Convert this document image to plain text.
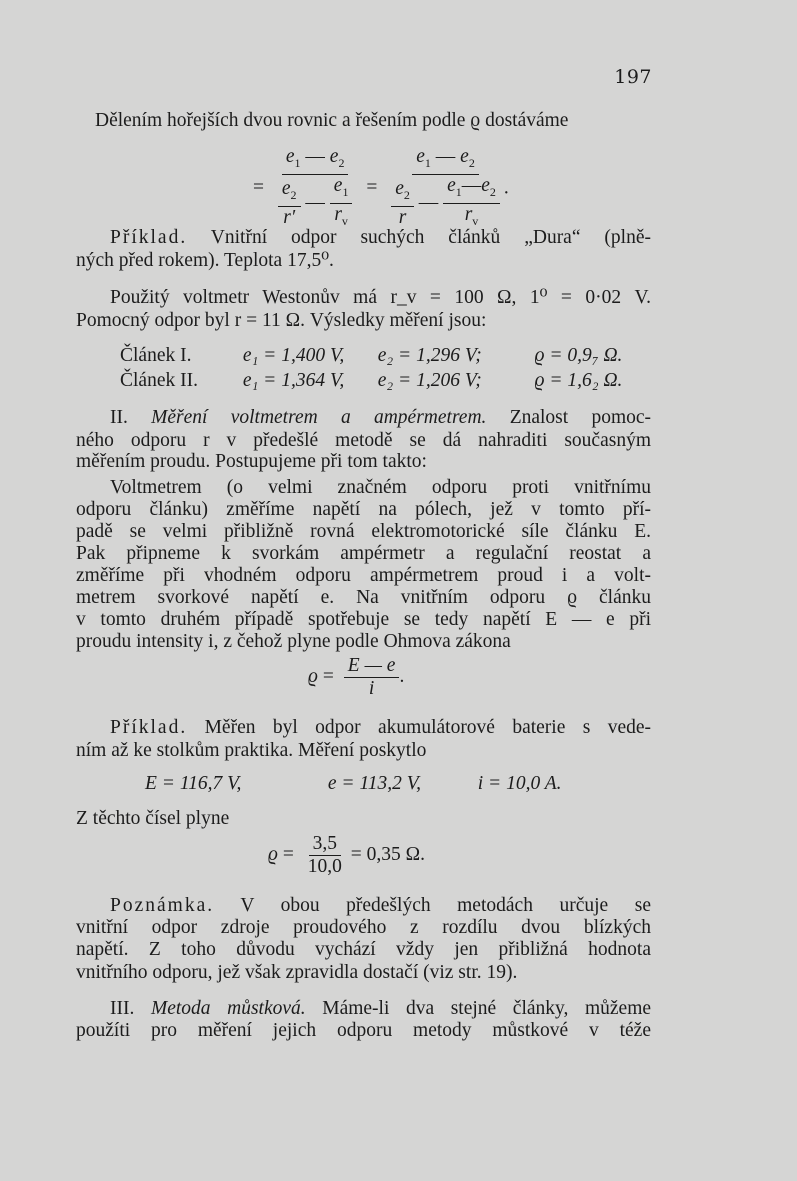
197
Dělením hořejších dvou rovnic a řešením podle ϱ dostáváme
= $\frac{e_1 — e_2}{\frac{e_2}{r'} — \frac{e_1}{r_v}} = \frac{e_1 — e_2}{\frac{e_2}{r} — \frac{e_1—e_2}{r_v}}$ .
Příklad. Vnitřní odpor suchých článků „Dura“ (plně-
ných před rokem). Teplota 17,5⁰.
Použitý voltmetr Westonův má r_v = 100 Ω, 1⁰ = 0·02 V.
Pomocný odpor byl r = 11 Ω. Výsledky měření jsou:
Článek I.	e₁ = 1,400 V, e₂ = 1,296 V;	ϱ = 0,9₇ Ω.
Článek II. e₁ = 1,364 V, e₂ = 1,206 V;	ϱ = 1,6₂ Ω.
II. Měření voltmetrem a ampérmetrem. Znalost pomoc-
ného odporu r v předešlé metodě se dá nahraditi současným
měřením proudu. Postupujeme při tom takto:
Voltmetrem (o velmi značném odporu proti vnitřnímu
odporu článku) změříme napětí na pólech, jež v tomto pří-
padě se velmi přibližně rovná elektromotorické síle článku E.
Pak připneme k svorkám ampérmetr a regulační reostat a
změříme při vhodném odporu ampérmetrem proud i a volt-
metrem svorkové napětí e. Na vnitřním odporu ϱ článku
v tomto druhém případě spotřebuje se tedy napětí E — e při
proudu intensity i, z čehož plyne podle Ohmova zákona
$ϱ = \frac{E — e}{i}$ .
Příklad. Měřen byl odpor akumulátorové baterie s vede-
ním až ke stolkům praktika. Měření poskytlo
E = 116,7 V,	e = 113,2 V,	i = 10,0 A.
Z těchto čísel plyne
$ϱ = \frac{3,5}{10,0} = 0,35$ Ω.
Poznámka. V obou předešlých metodách určuje se
vnitřní odpor zdroje proudového z rozdílu dvou blízkých
napětí. Z toho důvodu vychází vždy jen přibližná hodnota
vnitřního odporu, jež však zpravidla dostačí (viz str. 19).
III. Metoda můstková. Máme-li dva stejné články, můžeme
použíti pro měření jejich odporu metody můstkové v téže
